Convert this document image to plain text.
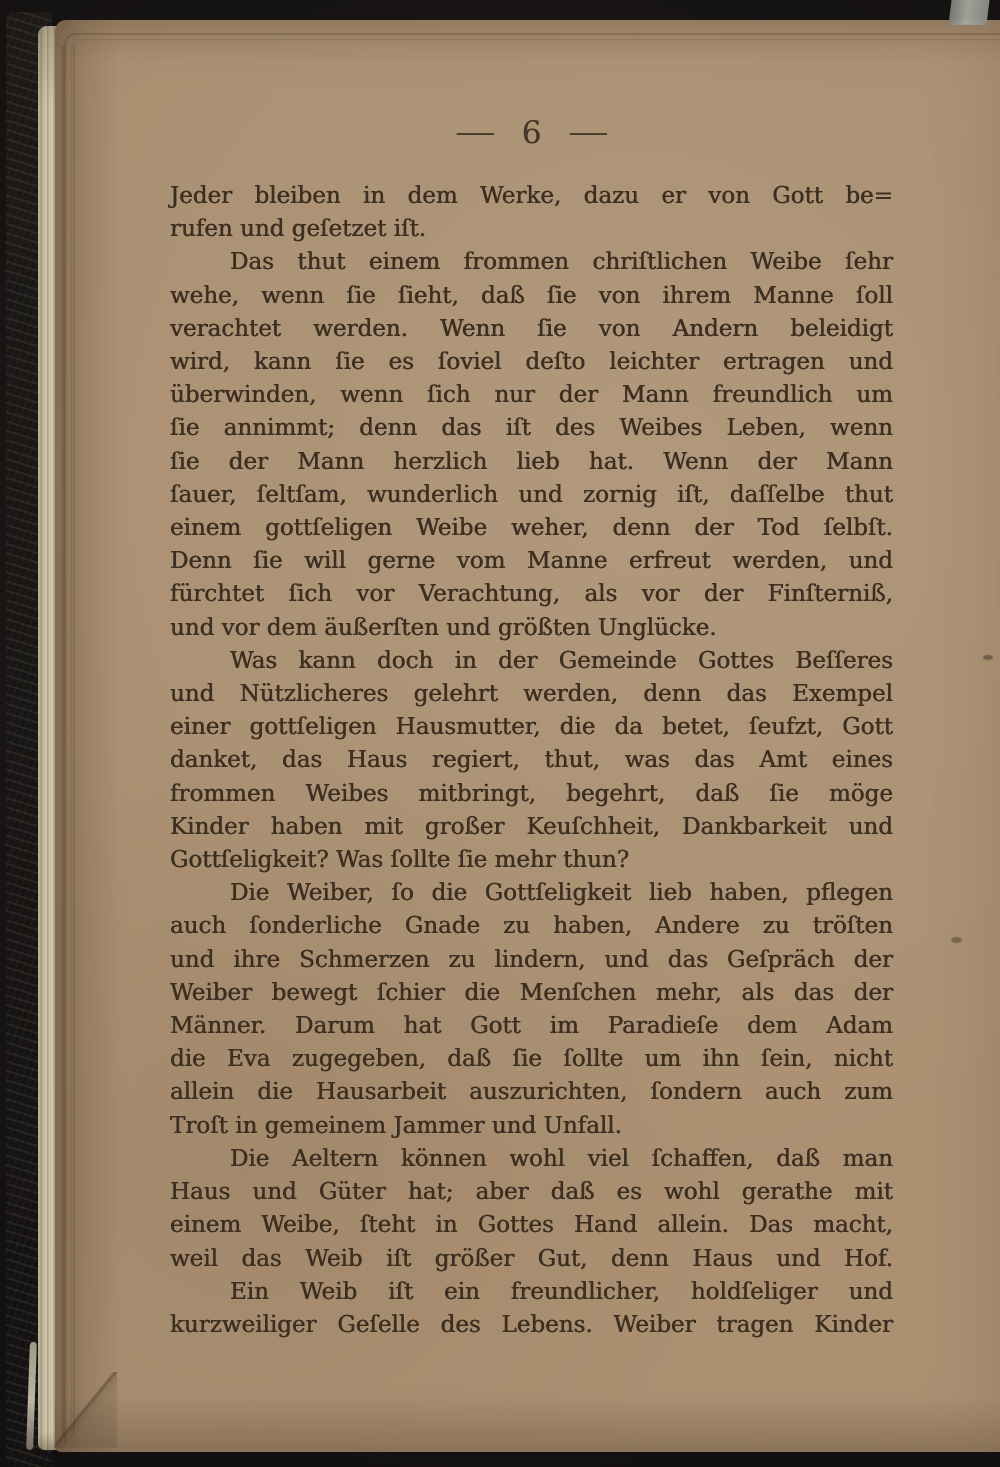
— 6 —
Jeder bleiben in dem Werke, dazu er von Gott be=
rufen und geſetzet iſt.
Das thut einem frommen chriſtlichen Weibe ſehr
wehe, wenn ſie ſieht, daß ſie von ihrem Manne ſoll
verachtet werden. Wenn ſie von Andern beleidigt
wird, kann ſie es ſoviel deſto leichter ertragen und
überwinden, wenn ſich nur der Mann freundlich um
ſie annimmt; denn das iſt des Weibes Leben, wenn
ſie der Mann herzlich lieb hat. Wenn der Mann
ſauer, ſeltſam, wunderlich und zornig iſt, daſſelbe thut
einem gottſeligen Weibe weher, denn der Tod ſelbſt.
Denn ſie will gerne vom Manne erfreut werden, und
fürchtet ſich vor Verachtung, als vor der Finſterniß,
und vor dem äußerſten und größten Unglücke.
Was kann doch in der Gemeinde Gottes Beſſeres
und Nützlicheres gelehrt werden, denn das Exempel
einer gottſeligen Hausmutter, die da betet, ſeufzt, Gott
danket, das Haus regiert, thut, was das Amt eines
frommen Weibes mitbringt, begehrt, daß ſie möge
Kinder haben mit großer Keuſchheit, Dankbarkeit und
Gottſeligkeit? Was ſollte ſie mehr thun?
Die Weiber, ſo die Gottſeligkeit lieb haben, pflegen
auch ſonderliche Gnade zu haben, Andere zu tröſten
und ihre Schmerzen zu lindern, und das Geſpräch der
Weiber bewegt ſchier die Menſchen mehr, als das der
Männer. Darum hat Gott im Paradieſe dem Adam
die Eva zugegeben, daß ſie ſollte um ihn ſein, nicht
allein die Hausarbeit auszurichten, ſondern auch zum
Troſt in gemeinem Jammer und Unfall.
Die Aeltern können wohl viel ſchaffen, daß man
Haus und Güter hat; aber daß es wohl gerathe mit
einem Weibe, ſteht in Gottes Hand allein. Das macht,
weil das Weib iſt größer Gut, denn Haus und Hof.
Ein Weib iſt ein freundlicher, holdſeliger und
kurzweiliger Geſelle des Lebens. Weiber tragen Kinder
